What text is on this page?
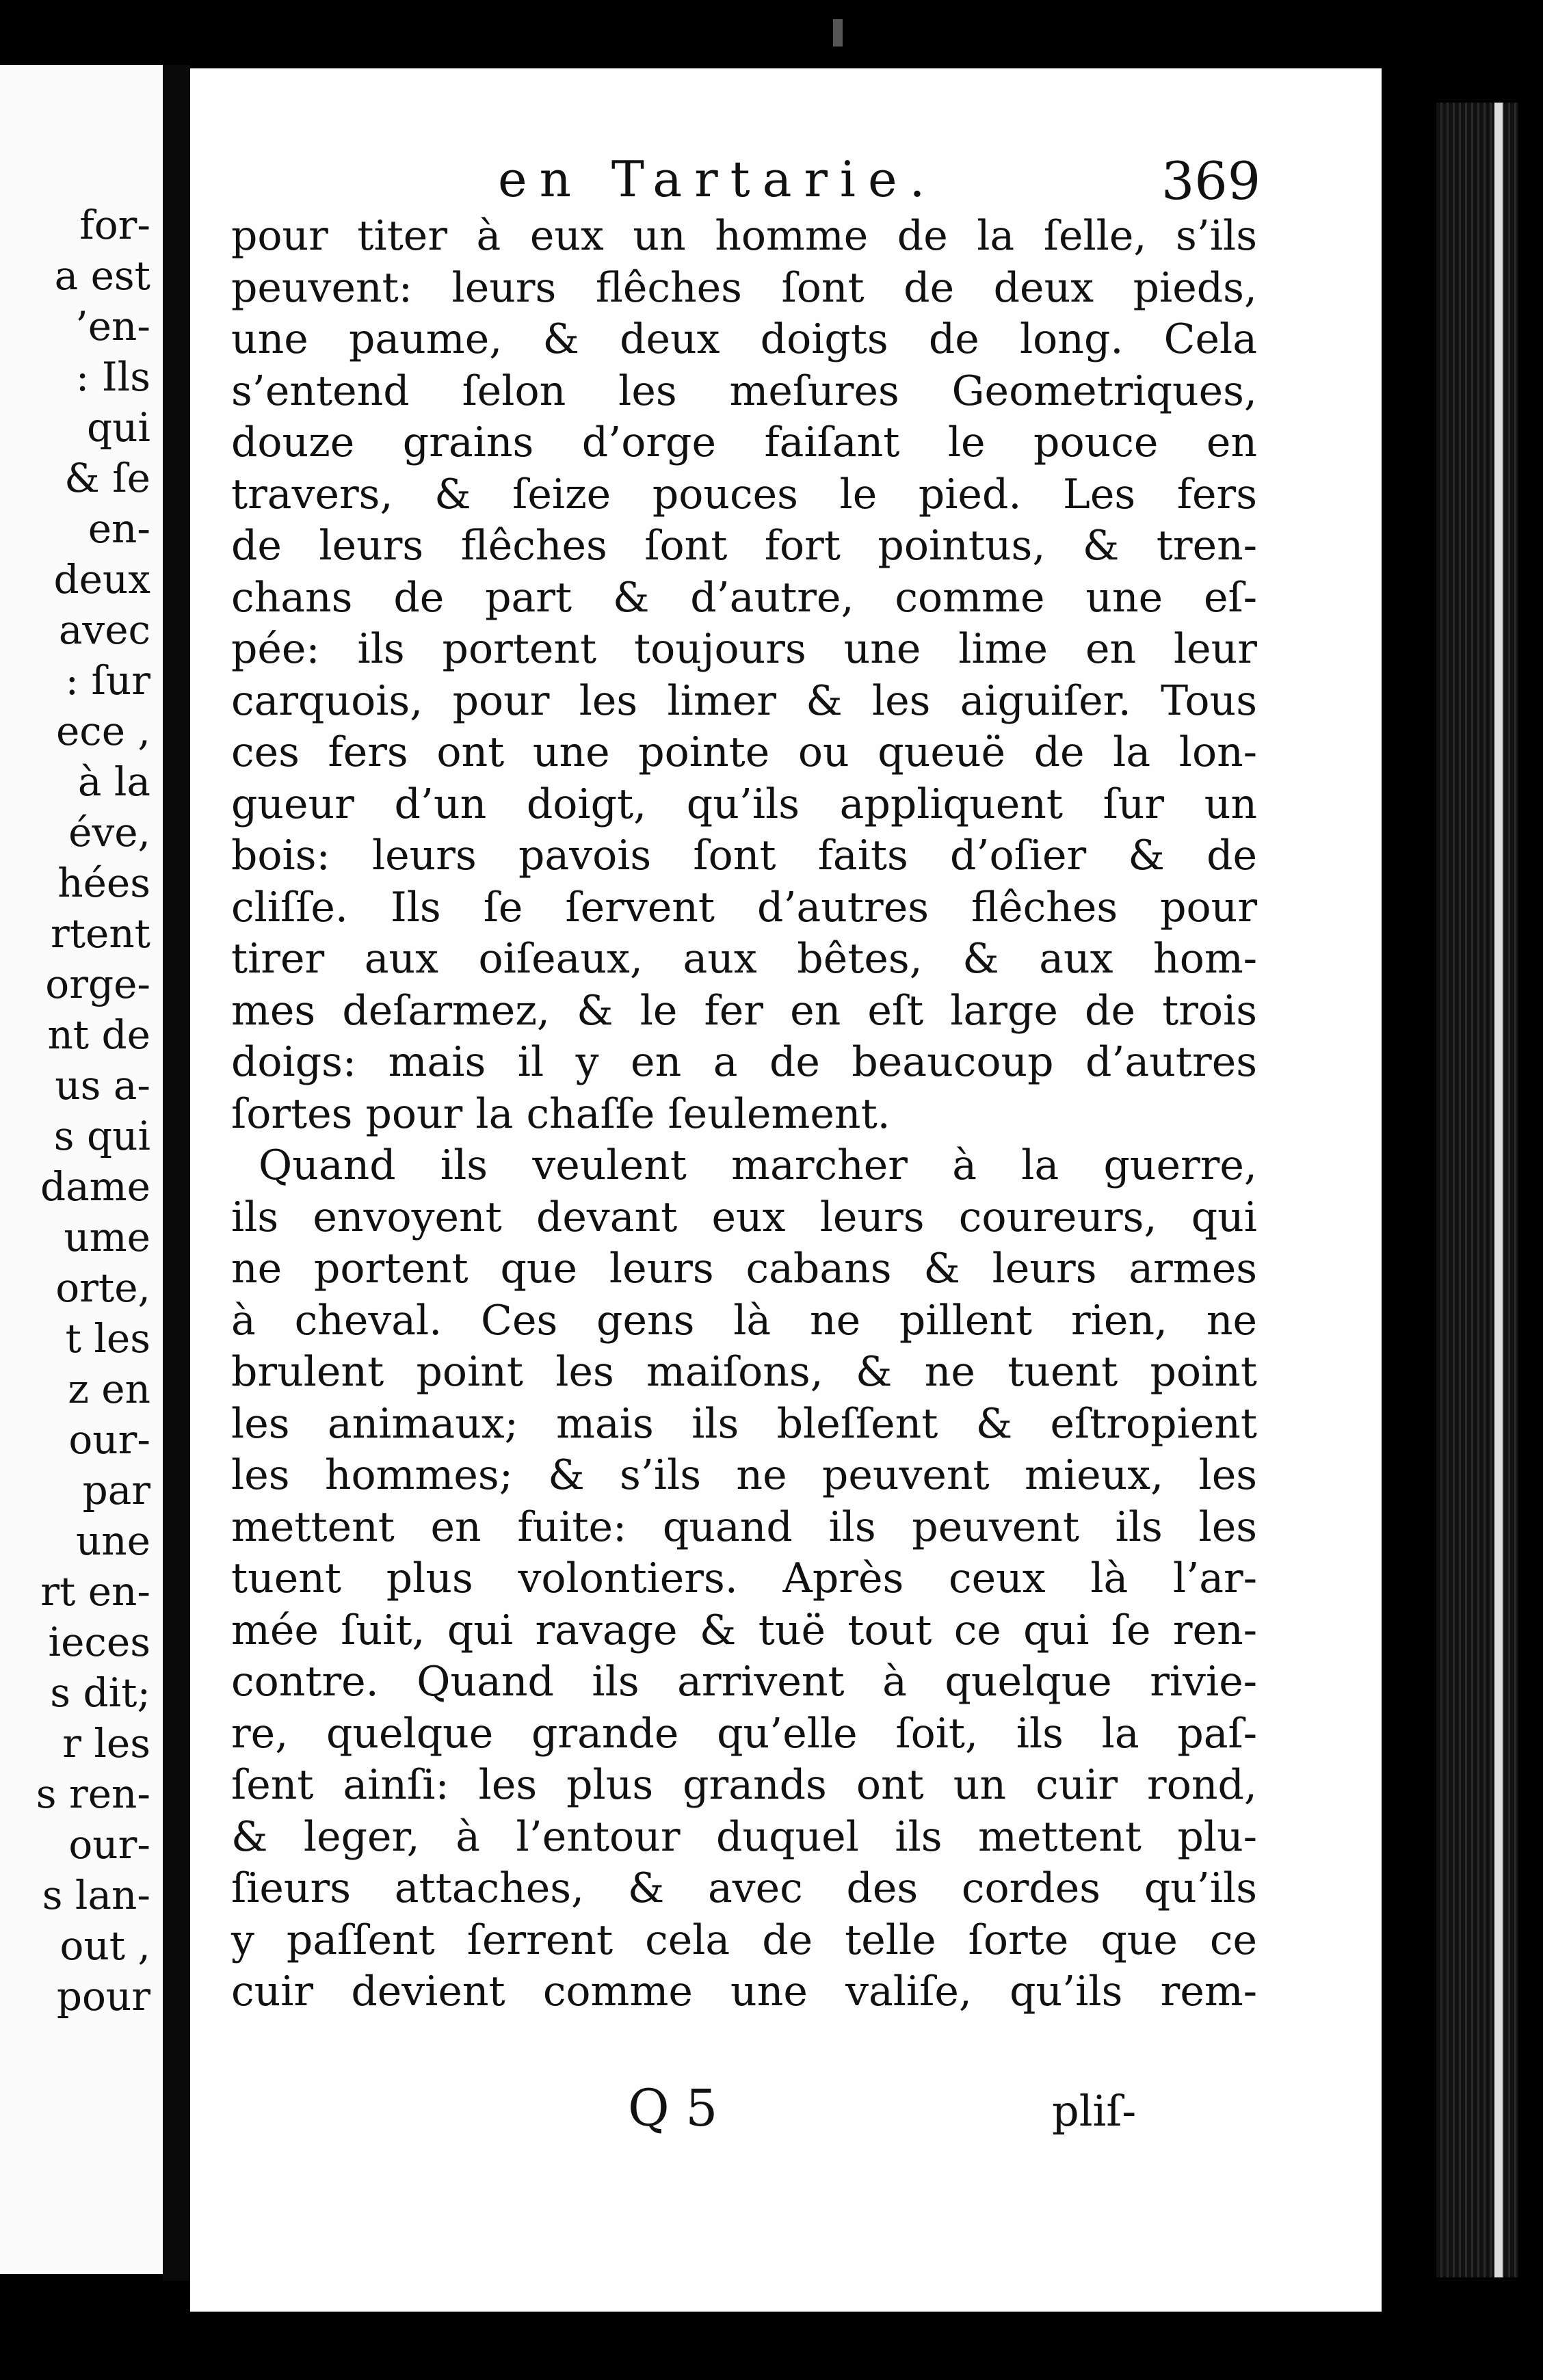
for-
a est
’en-
: Ils
qui
& ſe
en-
deux
avec
: ſur
ece ,
à la
éve,
hées
rtent
orge-
nt de
us a-
s qui
dame
ume
orte,
t les
z en
our-
par
une
rt en-
ieces
s dit;
r les
s ren-
our-
s lan-
out ,
pour
en Tartarie.	369
pour titer à eux un homme de la ſelle, s’ils
peuvent: leurs flêches ſont de deux pieds,
une paume, & deux doigts de long. Cela
s’entend ſelon les meſures Geometriques,
douze grains d’orge faiſant le pouce en
travers, & ſeize pouces le pied. Les fers
de leurs flêches ſont fort pointus, & tren-
chans de part & d’autre, comme une eſ-
pée: ils portent toujours une lime en leur
carquois, pour les limer & les aiguiſer. Tous
ces fers ont une pointe ou queuë de la lon-
gueur d’un doigt, qu’ils appliquent ſur un
bois: leurs pavois ſont faits d’oſier & de
cliſſe. Ils ſe ſervent d’autres flêches pour
tirer aux oiſeaux, aux bêtes, & aux hom-
mes deſarmez, & le fer en eſt large de trois
doigs: mais il y en a de beaucoup d’autres
ſortes pour la chaſſe ſeulement.
Quand ils veulent marcher à la guerre,
ils envoyent devant eux leurs coureurs, qui
ne portent que leurs cabans & leurs armes
à cheval. Ces gens là ne pillent rien, ne
brulent point les maiſons, & ne tuent point
les animaux; mais ils bleſſent & eſtropient
les hommes; & s’ils ne peuvent mieux, les
mettent en fuite: quand ils peuvent ils les
tuent plus volontiers. Après ceux là l’ar-
mée ſuit, qui ravage & tuë tout ce qui ſe ren-
contre. Quand ils arrivent à quelque rivie-
re, quelque grande qu’elle ſoit, ils la paſ-
ſent ainſi: les plus grands ont un cuir rond,
& leger, à l’entour duquel ils mettent plu-
ſieurs attaches, & avec des cordes qu’ils
y paſſent ſerrent cela de telle ſorte que ce
cuir devient comme une valiſe, qu’ils rem-
Q 5	pliſ-
